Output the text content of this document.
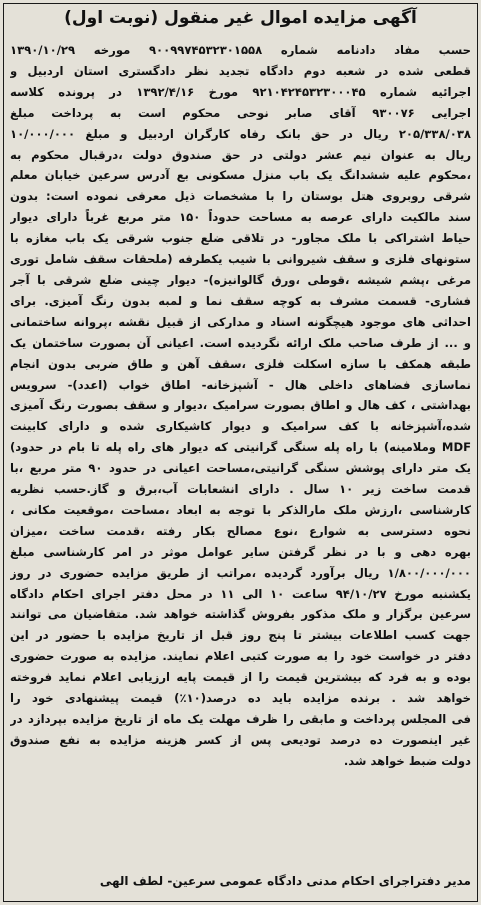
آگهی مزایده اموال غیر منقول (نوبت اول)
حسب مفاد دادنامه شماره ۹۰۰۹۹۷۴۵۳۲۳۰۱۵۵۸ مورخه ۱۳۹۰/۱۰/۲۹
قطعی شده در شعبه دوم دادگاه تجدید نظر دادگستری استان اردبیل و
اجرائیه شماره ۹۲۱۰۴۲۴۵۳۲۳۰۰۰۴۵ مورخ ۱۳۹۲/۴/۱۶ در پرونده کلاسه
اجرایی ۹۳۰۰۷۶ آقای صابر نوحی محکوم است به پرداخت مبلغ
۲۰۵/۳۳۸/۰۳۸ ریال در حق بانک رفاه کارگران اردبیل و مبلغ ۱۰/۰۰۰/۰۰۰
ریال به عنوان نیم عشر دولتی در حق صندوق دولت ،درقبال محکوم به
،محکوم علیه ششدانگ یک باب منزل مسکونی بع آدرس سرعین خیابان معلم
شرقی روبروی هتل بوستان را با مشخصات ذیل معرفی نموده است: بدون
سند مالکیت دارای عرصه به مساحت حدوداً ۱۵۰ متر مربع غرباً دارای دیوار
حیاط اشتراکی با ملک مجاور- در تلاقی ضلع جنوب شرقی یک باب مغازه با
ستونهای فلزی و سقف شیروانی با شیب یکطرفه (ملحقات سقف شامل توری
مرغی ،پشم شیشه ،قوطی ،ورق گالوانیزه)- دیوار چینی ضلع شرقی با آجر
فشاری- قسمت مشرف به کوچه سقف نما و لمبه بدون رنگ آمیزی. برای
احداثی های موجود هیچگونه اسناد و مدارکی از قبیل نقشه ،پروانه ساختمانی
و ... از طرف صاحب ملک ارائه نگردیده است. اعیانی آن بصورت ساختمان یک
طبقه همکف با سازه اسکلت فلزی ،سقف آهن و طاق ضربی بدون انجام
نماسازی فضاهای داخلی هال - آشپزخانه- اطاق خواب (اعدد)- سرویس
بهداشتی ، کف هال و اطاق بصورت سرامیک ،دیوار و سقف بصورت رنگ آمیزی
شده،آشپزخانه با کف سرامیک و دیوار کاشیکاری شده و دارای کابینت
MDF وملامینه) با راه پله سنگی گرانیتی که دیوار های راه پله تا بام در حدود)
یک متر دارای پوشش سنگی گرانیتی،مساحت اعیانی در حدود ۹۰ متر مربع ،با
قدمت ساخت زیر ۱۰ سال . دارای انشعابات آب،برق و گاز.حسب نظریه
کارشناسی ،ارزش ملک مارالذکر با توجه به ابعاد ،مساحت ،موقعیت مکانی ،
نحوه دسترسی به شوارع ،نوع مصالح بکار رفته ،قدمت ساخت ،میزان
بهره دهی و با در نظر گرفتن سایر عوامل موثر در امر کارشناسی مبلغ
۱/۸۰۰/۰۰۰/۰۰۰ ریال برآورد گردیده ،مراتب از طریق مزایده حضوری در روز
یکشنبه مورخ ۹۴/۱۰/۲۷ ساعت ۱۰ الی ۱۱ در محل دفتر اجرای احکام دادگاه
سرعین برگزار و ملک مذکور بفروش گذاشته خواهد شد. متقاضیان می توانند
جهت کسب اطلاعات بیشتر تا پنج روز قبل از تاریخ مزایده با حضور در این
دفتر در خواست خود را به صورت کتبی اعلام نمایند. مزایده به صورت حضوری
بوده و به فرد که بیشترین قیمت را از قیمت پایه ارزیابی اعلام نماید فروخته
خواهد شد . برنده مزایده باید ده درصد(۱۰٪) قیمت پیشنهادی خود را
فی المجلس پرداخت و مابقی را ظرف مهلت یک ماه از تاریخ مزایده بپردازد در
غیر اینصورت ده درصد تودیعی پس از کسر هزینه مزایده به نفع صندوق
دولت ضبط خواهد شد.
مدیر دفتراجرای احکام مدنی دادگاه عمومی سرعین- لطف الهی
